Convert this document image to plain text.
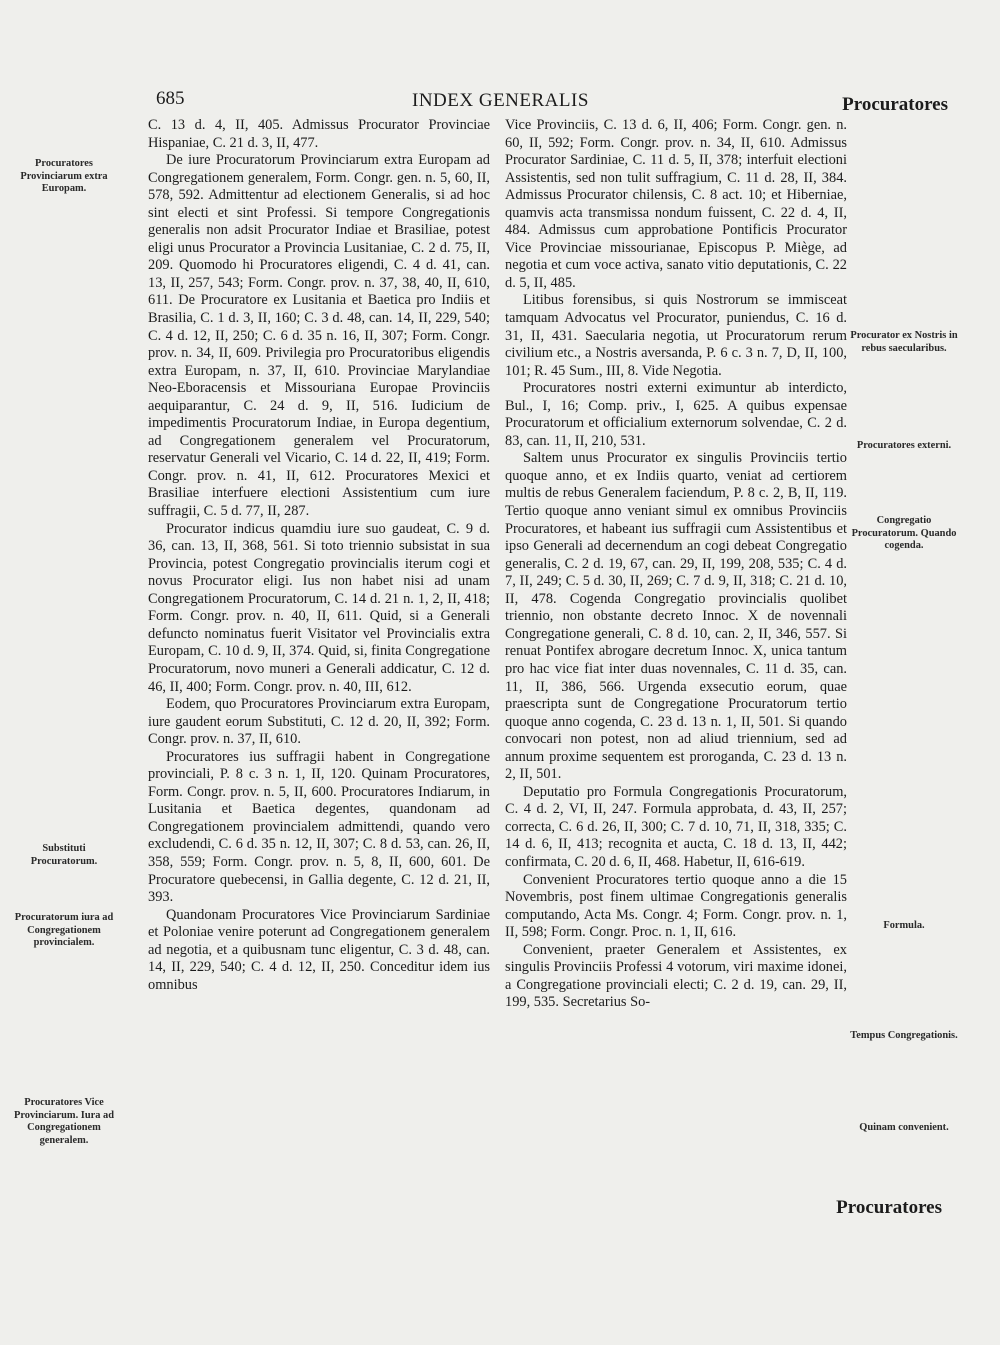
685	INDEX GENERALIS	Procuratores

C. 13 d. 4, II, 405. Admissus Procurator Provinciae Hispaniae, C. 21 d. 3, II, 477.

De iure Procuratorum Provinciarum extra Europam ad Congregationem generalem, Form. Congr. gen. n. 5, 60, II, 578, 592. Admittentur ad electionem Generalis, si ad hoc sint electi et sint Professi. Si tempore Congregationis generalis non adsit Procurator Indiae et Brasiliae, potest eligi unus Procurator a Provincia Lusitaniae, C. 2 d. 75, II, 209. Quomodo hi Procuratores eligendi, C. 4 d. 41, can. 13, II, 257, 543; Form. Congr. prov. n. 37, 38, 40, II, 610, 611. De Procuratore ex Lusitania et Baetica pro Indiis et Brasilia, C. 1 d. 3, II, 160; C. 3 d. 48, can. 14, II, 229, 540; C. 4 d. 12, II, 250; C. 6 d. 35 n. 16, II, 307; Form. Congr. prov. n. 34, II, 609. Privilegia pro Procuratoribus eligendis extra Europam, n. 37, II, 610. Provinciae Marylandiae Neo-Eboracensis et Missouriana Europae Provinciis aequiparantur, C. 24 d. 9, II, 516. Iudicium de impedimentis Procuratorum Indiae, in Europa degentium, ad Congregationem generalem vel Procuratorum, reservatur Generali vel Vicario, C. 14 d. 22, II, 419; Form. Congr. prov. n. 41, II, 612. Procuratores Mexici et Brasiliae interfuere electioni Assistentium cum iure suffragii, C. 5 d. 77, II, 287.

Procurator indicus quamdiu iure suo gaudeat, C. 9 d. 36, can. 13, II, 368, 561. Si toto triennio subsistat in sua Provincia, potest Congregatio provincialis iterum cogi et novus Procurator eligi. Ius non habet nisi ad unam Congregationem Procuratorum, C. 14 d. 21 n. 1, 2, II, 418; Form. Congr. prov. n. 40, II, 611. Quid, si a Generali defuncto nominatus fuerit Visitator vel Provincialis extra Europam, C. 10 d. 9, II, 374. Quid, si, finita Congregatione Procuratorum, novo muneri a Generali addicatur, C. 12 d. 46, II, 400; Form. Congr. prov. n. 40, III, 612.

Eodem, quo Procuratores Provinciarum extra Europam, iure gaudent eorum Substituti, C. 12 d. 20, II, 392; Form. Congr. prov. n. 37, II, 610.

Procuratores ius suffragii habent in Congregatione provinciali, P. 8 c. 3 n. 1, II, 120. Quinam Procuratores, Form. Congr. prov. n. 5, II, 600. Procuratores Indiarum, in Lusitania et Baetica degentes, quandonam ad Congregationem provincialem admittendi, quando vero excludendi, C. 6 d. 35 n. 12, II, 307; C. 8 d. 53, can. 26, II, 358, 559; Form. Congr. prov. n. 5, 8, II, 600, 601. De Procuratore quebecensi, in Gallia degente, C. 12 d. 21, II, 393.

Quandonam Procuratores Vice Provinciarum Sardiniae et Poloniae venire poterunt ad Congregationem generalem ad negotia, et a quibusnam tunc eligentur, C. 3 d. 48, can. 14, II, 229, 540; C. 4 d. 12, II, 250. Conceditur idem ius omnibus

Vice Provinciis, C. 13 d. 6, II, 406; Form. Congr. gen. n. 60, II, 592; Form. Congr. prov. n. 34, II, 610. Admissus Procurator Sardiniae, C. 11 d. 5, II, 378; interfuit electioni Assistentis, sed non tulit suffragium, C. 11 d. 28, II, 384. Admissus Procurator chilensis, C. 8 act. 10; et Hiberniae, quamvis acta transmissa nondum fuissent, C. 22 d. 4, II, 484. Admissus cum approbatione Pontificis Procurator Vice Provinciae missourianae, Episcopus P. Miège, ad negotia et cum voce activa, sanato vitio deputationis, C. 22 d. 5, II, 485.

Litibus forensibus, si quis Nostrorum se immisceat tamquam Advocatus vel Procurator, puniendus, C. 16 d. 31, II, 431. Saecularia negotia, ut Procuratorum rerum civilium etc., a Nostris aversanda, P. 6 c. 3 n. 7, D, II, 100, 101; R. 45 Sum., III, 8. Vide Negotia.

Procuratores nostri externi eximuntur ab interdicto, Bul., I, 16; Comp. priv., I, 625. A quibus expensae Procuratorum et officialium externorum solvendae, C. 2 d. 83, can. 11, II, 210, 531.

Saltem unus Procurator ex singulis Provinciis tertio quoque anno, et ex Indiis quarto, veniat ad certiorem multis de rebus Generalem faciendum, P. 8 c. 2, B, II, 119. Tertio quoque anno veniant simul ex omnibus Provinciis Procuratores, et habeant ius suffragii cum Assistentibus et ipso Generali ad decernendum an cogi debeat Congregatio generalis, C. 2 d. 19, 67, can. 29, II, 199, 208, 535; C. 4 d. 7, II, 249; C. 5 d. 30, II, 269; C. 7 d. 9, II, 318; C. 21 d. 10, II, 478. Cogenda Congregatio provincialis quolibet triennio, non obstante decreto Innoc. X de novennali Congregatione generali, C. 8 d. 10, can. 2, II, 346, 557. Si renuat Pontifex abrogare decretum Innoc. X, unica tantum pro hac vice fiat inter duas novennales, C. 11 d. 35, can. 11, II, 386, 566. Urgenda exsecutio eorum, quae praescripta sunt de Congregatione Procuratorum tertio quoque anno cogenda, C. 23 d. 13 n. 1, II, 501. Si quando convocari non potest, non ad aliud triennium, sed ad annum proxime sequentem est proroganda, C. 23 d. 13 n. 2, II, 501.

Deputatio pro Formula Congregationis Procuratorum, C. 4 d. 2, VI, II, 247. Formula approbata, d. 43, II, 257; correcta, C. 6 d. 26, II, 300; C. 7 d. 10, 71, II, 318, 335; C. 14 d. 6, II, 413; recognita et aucta, C. 18 d. 13, II, 442; confirmata, C. 20 d. 6, II, 468. Habetur, II, 616-619.

Convenient Procuratores tertio quoque anno a die 15 Novembris, post finem ultimae Congregationis generalis computando, Acta Ms. Congr. 4; Form. Congr. prov. n. 1, II, 598; Form. Congr. Proc. n. 1, II, 616.

Convenient, praeter Generalem et Assistentes, ex singulis Provinciis Professi 4 votorum, viri maxime idonei, a Congregatione provinciali electi; C. 2 d. 19, can. 29, II, 199, 535. Secretarius So-

Procuratores Provinciarum extra Europam.
Substituti Procuratorum.
Procuratorum iura ad Congregationem provincialem.
Procuratores Vice Provinciarum. Iura ad Congregationem generalem.
Procurator ex Nostris in rebus saecularibus.
Procuratores externi.
Congregatio Procuratorum. Quando cogenda.
Formula.
Tempus Congregationis.
Quinam convenient.
Procuratores
